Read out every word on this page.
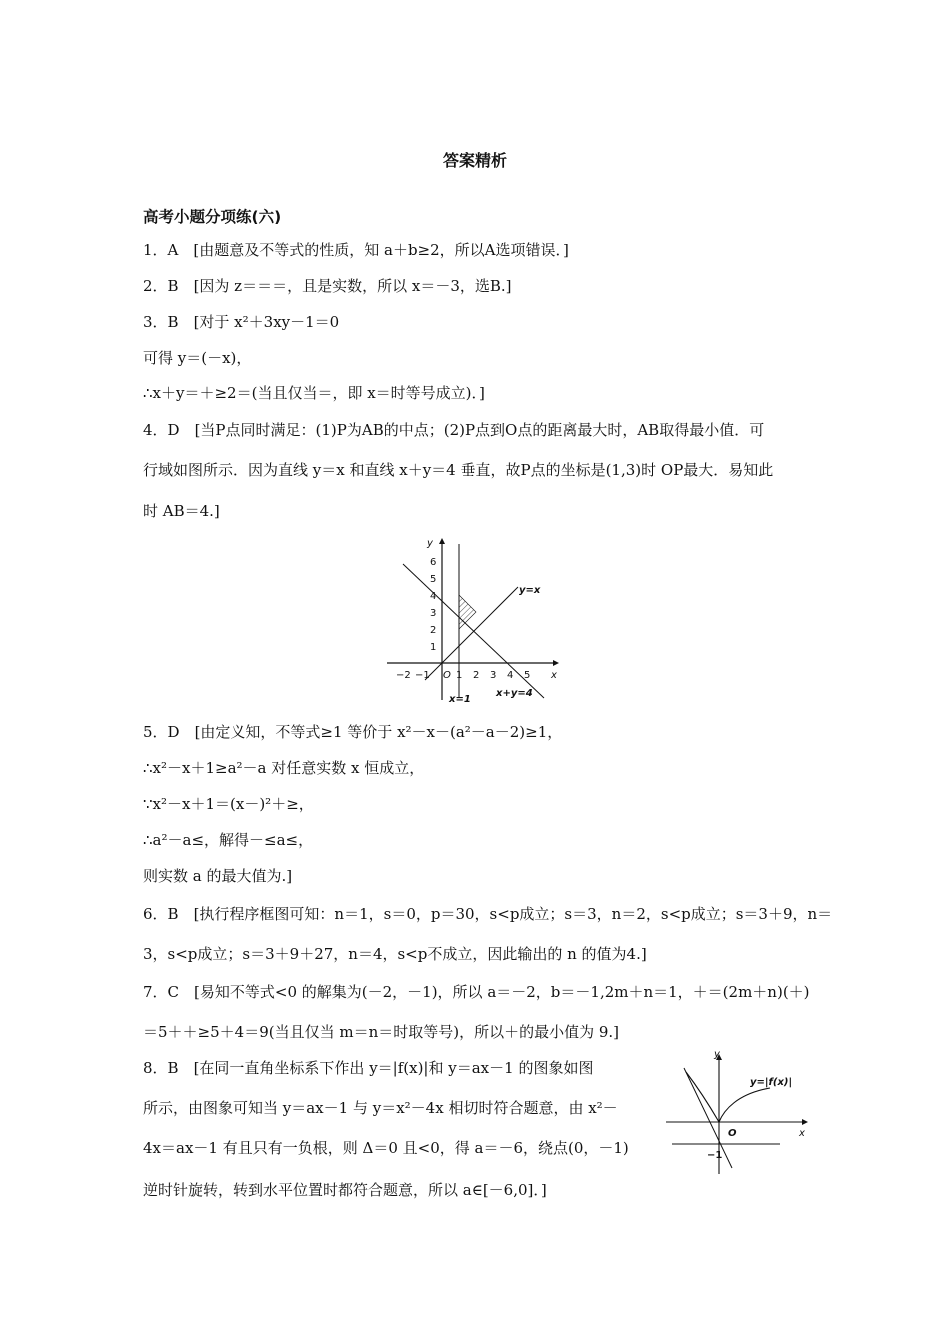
答案精析
高考小题分项练(六)
1．A　[由题意及不等式的性质，知 a＋b≥2，所以A选项错误．]
2．B　[因为 z＝＝＝，且是实数，所以 x＝－3，选B.]
3．B　[对于 x²＋3xy－1＝0
可得 y＝(－x)，
∴x＋y＝＋≥2＝(当且仅当＝，即 x＝时等号成立)．]
4．D　[当P点同时满足：(1)P为AB的中点；(2)P点到O点的距离最大时，AB取得最小值．可
行域如图所示．因为直线 y＝x 和直线 x＋y＝4 垂直，故P点的坐标是(1,3)时 OP最大．易知此
时 AB＝4.]
y
x
O
1
2
3
4
5
6
−2 −1	1 2 3 4 5
y=x
x+y=4
x=1
5．D　[由定义知，不等式≥1 等价于 x²－x－(a²－a－2)≥1，
∴x²－x＋1≥a²－a 对任意实数 x 恒成立，
∵x²－x＋1＝(x－)²＋≥，
∴a²－a≤，解得－≤a≤，
则实数 a 的最大值为.]
6．B　[执行程序框图可知：n＝1，s＝0，p＝30，s<p成立；s＝3，n＝2，s<p成立；s＝3＋9，n＝
3，s<p成立；s＝3＋9＋27，n＝4，s<p不成立，因此输出的 n 的值为4.]
7．C　[易知不等式<0 的解集为(－2，－1)，所以 a＝－2，b＝－1,2m＋n＝1，＋＝(2m＋n)(＋)
＝5＋＋≥5＋4＝9(当且仅当 m＝n＝时取等号)，所以＋的最小值为 9.]
8．B　[在同一直角坐标系下作出 y＝|f(x)|和 y＝ax－1 的图象如图
所示，由图象可知当 y＝ax－1 与 y＝x²－4x 相切时符合题意，由 x²－
4x＝ax－1 有且只有一负根，则 Δ＝0 且<0，得 a＝－6，绕点(0，－1)
逆时针旋转，转到水平位置时都符合题意，所以 a∈[－6,0]．]
y
x
O
−1
y=|f(x)|
